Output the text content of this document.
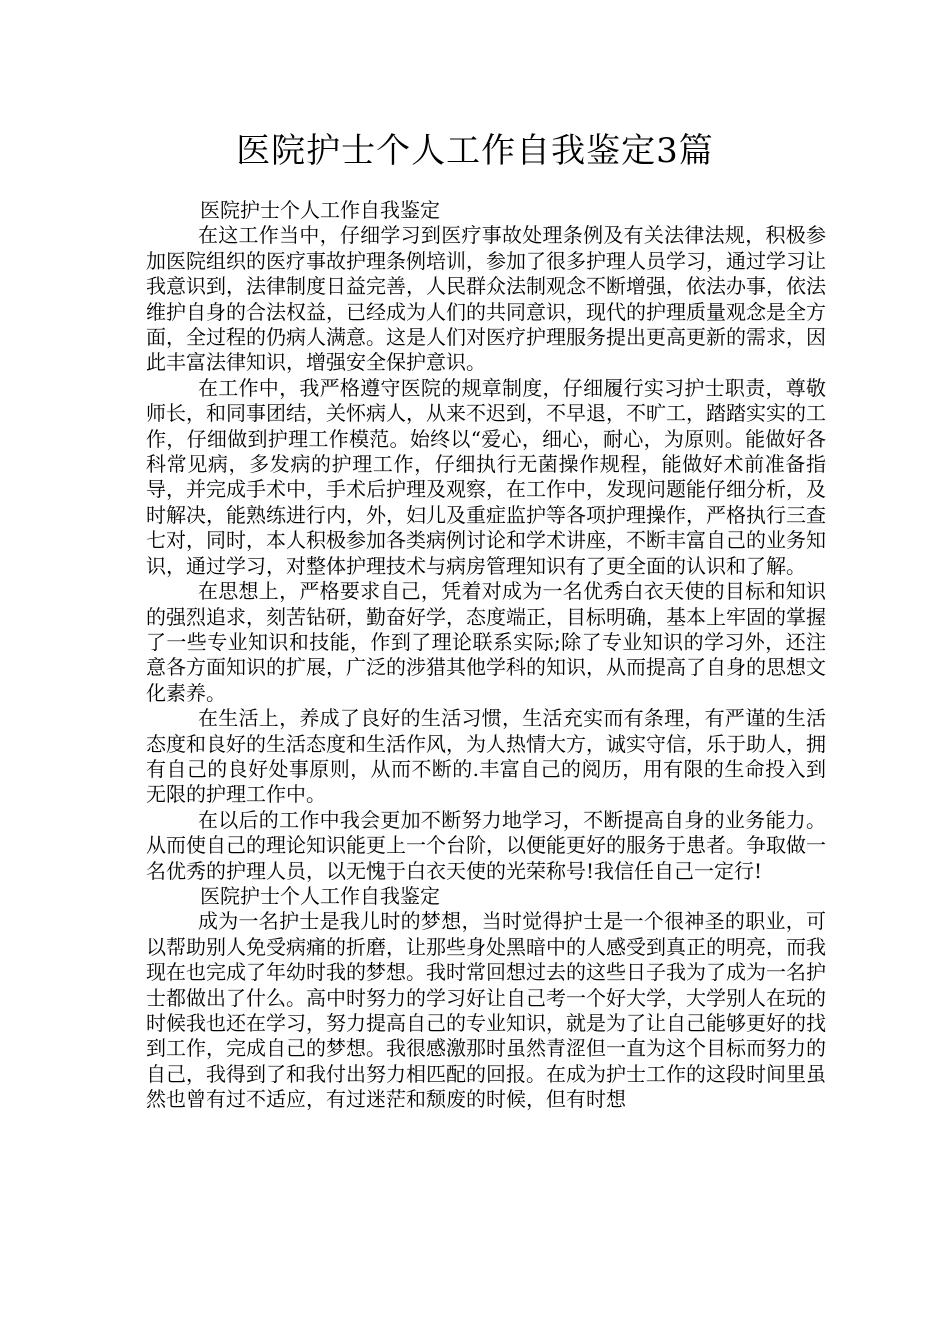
医院护士个人工作自我鉴定3篇
医院护士个人工作自我鉴定

在这工作当中，仔细学习到医疗事故处理条例及有关法律法规，积极参加医院组织的医疗事故护理条例培训，参加了很多护理人员学习，通过学习让我意识到，法律制度日益完善，人民群众法制观念不断增强，依法办事，依法维护自身的合法权益，已经成为人们的共同意识，现代的护理质量观念是全方面，全过程的仍病人满意。这是人们对医疗护理服务提出更高更新的需求，因此丰富法律知识，增强安全保护意识。

在工作中，我严格遵守医院的规章制度，仔细履行实习护士职责，尊敬师长，和同事团结，关怀病人，从来不迟到，不早退，不旷工，踏踏实实的工作，仔细做到护理工作模范。始终以“爱心，细心，耐心，为原则。能做好各科常见病，多发病的护理工作，仔细执行无菌操作规程，能做好术前准备指导，并完成手术中，手术后护理及观察，在工作中，发现问题能仔细分析，及时解决，能熟练进行内，外，妇儿及重症监护等各项护理操作，严格执行三查七对，同时，本人积极参加各类病例讨论和学术讲座，不断丰富自己的业务知识，通过学习，对整体护理技术与病房管理知识有了更全面的认识和了解。

在思想上，严格要求自己，凭着对成为一名优秀白衣天使的目标和知识的强烈追求，刻苦钻研，勤奋好学，态度端正，目标明确，基本上牢固的掌握了一些专业知识和技能，作到了理论联系实际;除了专业知识的学习外，还注意各方面知识的扩展，广泛的涉猎其他学科的知识，从而提高了自身的思想文化素养。

在生活上，养成了良好的生活习惯，生活充实而有条理，有严谨的生活态度和良好的生活态度和生活作风，为人热情大方，诚实守信，乐于助人，拥有自己的良好处事原则，从而不断的.丰富自己的阅历，用有限的生命投入到无限的护理工作中。

在以后的工作中我会更加不断努力地学习，不断提高自身的业务能力。从而使自己的理论知识能更上一个台阶，以便能更好的服务于患者。争取做一名优秀的护理人员，以无愧于白衣天使的光荣称号!我信任自己一定行!

医院护士个人工作自我鉴定

成为一名护士是我儿时的梦想，当时觉得护士是一个很神圣的职业，可以帮助别人免受病痛的折磨，让那些身处黑暗中的人感受到真正的明亮，而我现在也完成了年幼时我的梦想。我时常回想过去的这些日子我为了成为一名护士都做出了什么。高中时努力的学习好让自己考一个好大学，大学别人在玩的时候我也还在学习，努力提高自己的专业知识，就是为了让自己能够更好的找到工作，完成自己的梦想。我很感激那时虽然青涩但一直为这个目标而努力的自己，我得到了和我付出努力相匹配的回报。在成为护士工作的这段时间里虽然也曾有过不适应，有过迷茫和颓废的时候，但有时想
